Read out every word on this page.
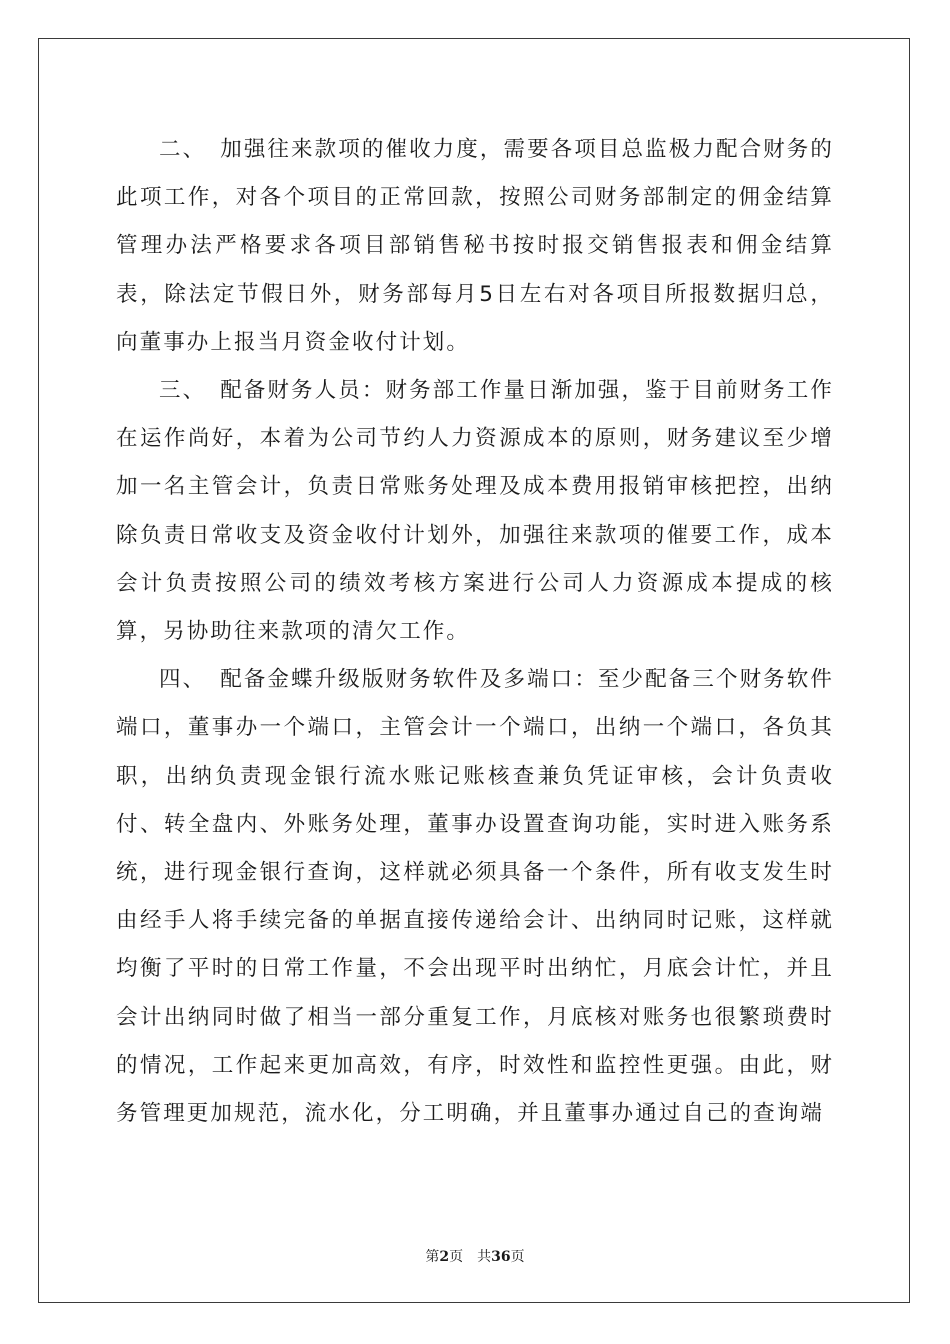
二、 加强往来款项的催收力度，需要各项目总监极力配合财务的此项工作，对各个项目的正常回款，按照公司财务部制定的佣金结算管理办法严格要求各项目部销售秘书按时报交销售报表和佣金结算表，除法定节假日外，财务部每月5日左右对各项目所报数据归总，向董事办上报当月资金收付计划。

三、 配备财务人员：财务部工作量日渐加强，鉴于目前财务工作在运作尚好，本着为公司节约人力资源成本的原则，财务建议至少增加一名主管会计，负责日常账务处理及成本费用报销审核把控，出纳除负责日常收支及资金收付计划外，加强往来款项的催要工作，成本会计负责按照公司的绩效考核方案进行公司人力资源成本提成的核算，另协助往来款项的清欠工作。

四、 配备金蝶升级版财务软件及多端口：至少配备三个财务软件端口，董事办一个端口，主管会计一个端口，出纳一个端口，各负其职，出纳负责现金银行流水账记账核查兼负凭证审核，会计负责收付、转全盘内、外账务处理，董事办设置查询功能，实时进入账务系统，进行现金银行查询，这样就必须具备一个条件，所有收支发生时由经手人将手续完备的单据直接传递给会计、出纳同时记账，这样就均衡了平时的日常工作量，不会出现平时出纳忙，月底会计忙，并且会计出纳同时做了相当一部分重复工作，月底核对账务也很繁琐费时的情况，工作起来更加高效，有序，时效性和监控性更强。由此，财务管理更加规范，流水化，分工明确，并且董事办通过自己的查询端

第2页 共36页
